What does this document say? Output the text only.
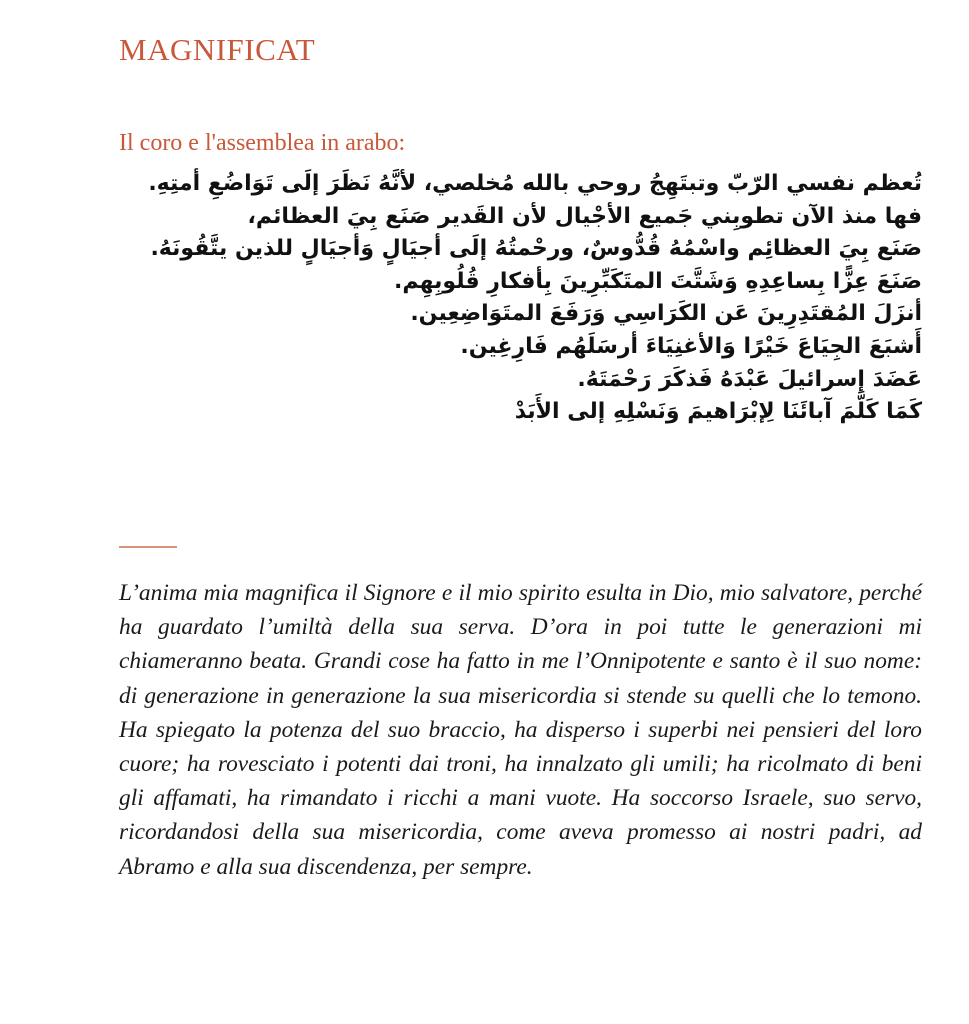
MAGNIFICAT
Il coro e l'assemblea in arabo:
تُعظم نفسي الرّبّ وتبتَهِجُ روحي بالله مُخلصي، لأنَّهُ نَظَرَ إلَى تَوَاضُعِ أمتِهِ.
فها منذ الآن تطوبِني جَميع الأجْيال لأن القَدير صَنَع بِيَ العظائم،
صَنَع بِيَ العظائِم واسْمُهُ قُدُّوسٌ، ورحْمتُهُ إلَى أجيَالٍ وَأجيَالٍ للذين يتَّقُونَهُ.
صَنَعَ عِزًّا بِساعِدِهِ وَشَتَّتَ المتَكَبِّرِينَ بِأفكارِ قُلُوبِهِم.
أنزَلَ المُقتَدِرِينَ عَن الكَرَاسِي وَرَفَعَ المتَوَاضِعِين.
أَشبَعَ الجِيَاعَ خَيْرًا وَالأغنِيَاءَ أرسَلَهُم فَارِغِين.
عَضَدَ إسرائيلَ عَبْدَهُ فَذكَرَ رَحْمَتَهُ.
كَمَا كَلَّمَ آبائَنَا لِإبْرَاهيمَ وَنَسْلِهِ إلى الأَبَدْ

L’anima mia magnifica il Signore e il mio spirito esulta in Dio, mio salvatore, perché ha guardato l’umiltà della sua serva. D’ora in poi tutte le generazioni mi chiameranno beata. Grandi cose ha fatto in me l’Onnipotente e santo è il suo nome: di generazione in generazione la sua misericordia si stende su quelli che lo temono. Ha spiegato la potenza del suo braccio, ha disperso i superbi nei pensieri del loro cuore; ha rovesciato i potenti dai troni, ha innalzato gli umili; ha ricolmato di beni gli affamati, ha rimandato i ricchi a mani vuote. Ha soccorso Israele, suo servo, ricordandosi della sua misericordia, come aveva promesso ai nostri padri, ad Abramo e alla sua discendenza, per sempre.
